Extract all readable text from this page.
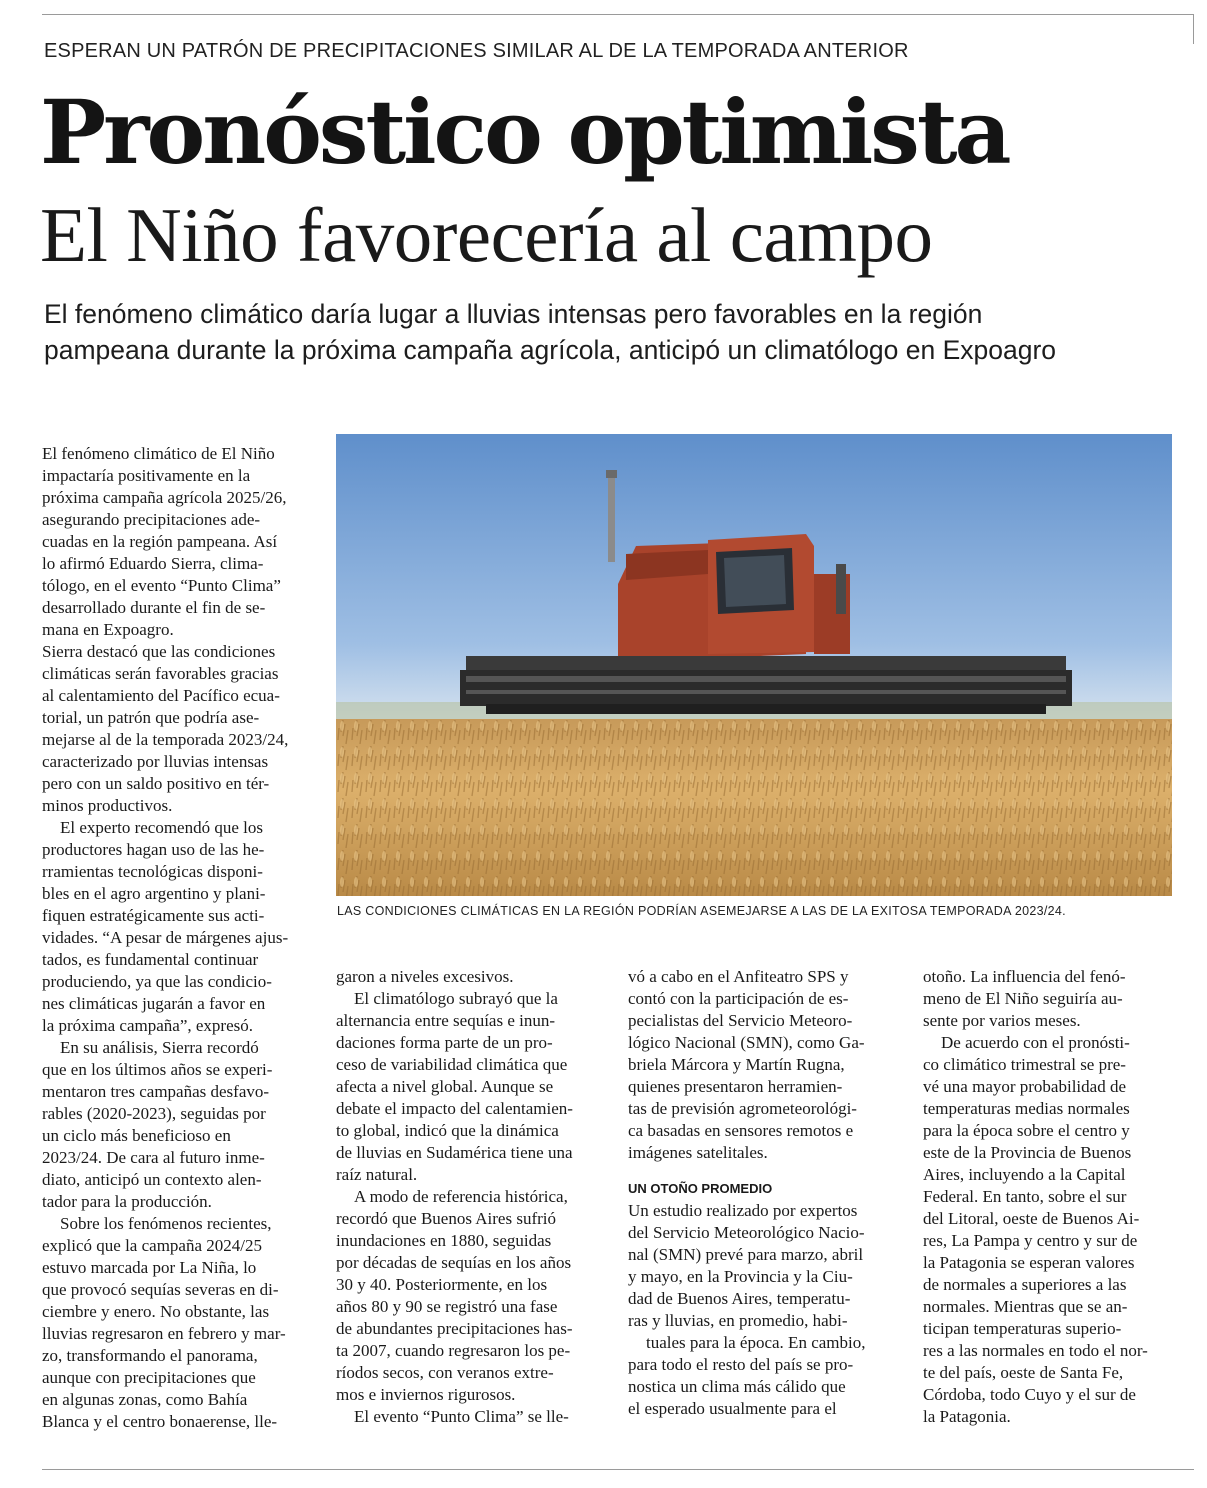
ESPERAN UN PATRÓN DE PRECIPITACIONES SIMILAR AL DE LA TEMPORADA ANTERIOR
Pronóstico optimista
El Niño favorecería al campo

El fenómeno climático daría lugar a lluvias intensas pero favorables en la región
pampeana durante la próxima campaña agrícola, anticipó un climatólogo en Expoagro

LAS CONDICIONES CLIMÁTICAS EN LA REGIÓN PODRÍAN ASEMEJARSE A LAS DE LA EXITOSA TEMPORADA 2023/24.
El fenómeno climático de El Niño
impactaría positivamente en la
próxima campaña agrícola 2025/26,
asegurando precipitaciones ade-
cuadas en la región pampeana. Así
lo afirmó Eduardo Sierra, clima-
tólogo, en el evento “Punto Clima”
desarrollado durante el fin de se-
mana en Expoagro.
Sierra destacó que las condiciones
climáticas serán favorables gracias
al calentamiento del Pacífico ecua-
torial, un patrón que podría ase-
mejarse al de la temporada 2023/24,
caracterizado por lluvias intensas
pero con un saldo positivo en tér-
minos productivos.
El experto recomendó que los
productores hagan uso de las he-
rramientas tecnológicas disponi-
bles en el agro argentino y plani-
fiquen estratégicamente sus acti-
vidades. “A pesar de márgenes ajus-
tados, es fundamental continuar
produciendo, ya que las condicio-
nes climáticas jugarán a favor en
la próxima campaña”, expresó.
En su análisis, Sierra recordó
que en los últimos años se experi-
mentaron tres campañas desfavo-
rables (2020-2023), seguidas por
un ciclo más beneficioso en
2023/24. De cara al futuro inme-
diato, anticipó un contexto alen-
tador para la producción.
Sobre los fenómenos recientes,
explicó que la campaña 2024/25
estuvo marcada por La Niña, lo
que provocó sequías severas en di-
ciembre y enero. No obstante, las
lluvias regresaron en febrero y mar-
zo, transformando el panorama,
aunque con precipitaciones que
en algunas zonas, como Bahía
Blanca y el centro bonaerense, lle-
garon a niveles excesivos.
El climatólogo subrayó que la
alternancia entre sequías e inun-
daciones forma parte de un pro-
ceso de variabilidad climática que
afecta a nivel global. Aunque se
debate el impacto del calentamien-
to global, indicó que la dinámica
de lluvias en Sudamérica tiene una
raíz natural.
A modo de referencia histórica,
recordó que Buenos Aires sufrió
inundaciones en 1880, seguidas
por décadas de sequías en los años
30 y 40. Posteriormente, en los
años 80 y 90 se registró una fase
de abundantes precipitaciones has-
ta 2007, cuando regresaron los pe-
ríodos secos, con veranos extre-
mos e inviernos rigurosos.
El evento “Punto Clima” se lle-
vó a cabo en el Anfiteatro SPS y
contó con la participación de es-
pecialistas del Servicio Meteoro-
lógico Nacional (SMN), como Ga-
briela Márcora y Martín Rugna,
quienes presentaron herramien-
tas de previsión agrometeorológi-
ca basadas en sensores remotos e
imágenes satelitales.
UN OTOÑO PROMEDIO
Un estudio realizado por expertos
del Servicio Meteorológico Nacio-
nal (SMN) prevé para marzo, abril
y mayo, en la Provincia y la Ciu-
dad de Buenos Aires, temperatu-
ras y lluvias, en promedio, habi-
tuales para la época. En cambio,
para todo el resto del país se pro-
nostica un clima más cálido que
el esperado usualmente para el
otoño. La influencia del fenó-
meno de El Niño seguiría au-
sente por varios meses.
De acuerdo con el pronósti-
co climático trimestral se pre-
vé una mayor probabilidad de
temperaturas medias normales
para la época sobre el centro y
este de la Provincia de Buenos
Aires, incluyendo a la Capital
Federal. En tanto, sobre el sur
del Litoral, oeste de Buenos Ai-
res, La Pampa y centro y sur de
la Patagonia se esperan valores
de normales a superiores a las
normales. Mientras que se an-
ticipan temperaturas superio-
res a las normales en todo el nor-
te del país, oeste de Santa Fe,
Córdoba, todo Cuyo y el sur de
la Patagonia.
